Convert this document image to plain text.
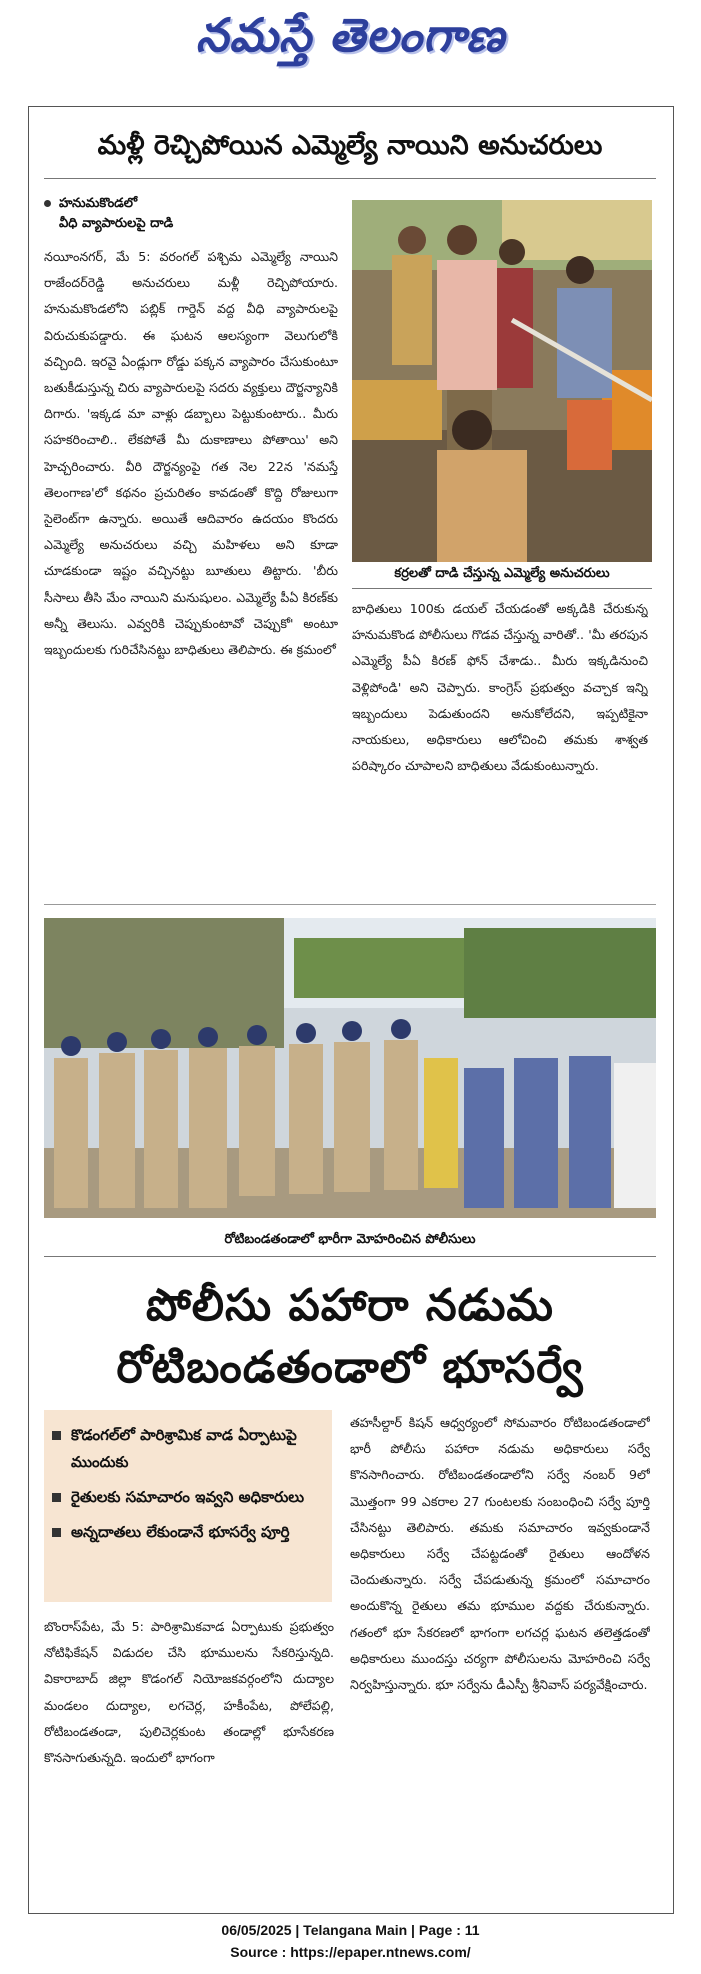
నమస్తే తెలంగాణ
మళ్లీ రెచ్చిపోయిన ఎమ్మెల్యే నాయిని అనుచరులు
హనుమకొండలో
వీధి వ్యాపారులపై దాడి
నయీంనగర్, మే 5: వరంగల్ పశ్చిమ ఎమ్మెల్యే నాయిని రాజేందర్‌రెడ్డి అనుచరులు మళ్లీ రెచ్చిపోయారు. హనుమకొండలోని పబ్లిక్ గార్డెన్ వద్ద వీధి వ్యాపారులపై విరుచుకుపడ్డారు. ఈ ఘటన ఆలస్యంగా వెలుగులోకి వచ్చింది. ఇరవై ఏండ్లుగా రోడ్డు పక్కన వ్యాపారం చేసుకుంటూ బతుకీడుస్తున్న చిరు వ్యాపారులపై సదరు వ్యక్తులు దౌర్జన్యానికి దిగారు. 'ఇక్కడ మా వాళ్లు డబ్బాలు పెట్టుకుంటారు.. మీరు సహకరించాలి.. లేకపోతే మీ దుకాణాలు పోతాయి' అని హెచ్చరించారు. వీరి దౌర్జన్యంపై గత నెల 22న 'నమస్తే తెలంగాణ'లో కథనం ప్రచురితం కావడంతో కొద్ది రోజులుగా సైలెంట్‌గా ఉన్నారు. అయితే ఆదివారం ఉదయం కొందరు ఎమ్మెల్యే అనుచరులు వచ్చి మహిళలు అని కూడా చూడకుండా ఇష్టం వచ్చినట్టు బూతులు తిట్టారు. 'బీరు సీసాలు తీసి మేం నాయిని మనుషులం. ఎమ్మెల్యే పీఏ కిరణ్‌కు అన్నీ తెలుసు. ఎవ్వరికి చెప్పుకుంటావో చెప్పుకో' అంటూ ఇబ్బందులకు గురిచేసినట్టు బాధితులు తెలిపారు. ఈ క్రమంలో
కర్రలతో దాడి చేస్తున్న ఎమ్మెల్యే అనుచరులు
బాధితులు 100కు డయల్ చేయడంతో అక్కడికి చేరుకున్న హనుమకొండ పోలీసులు గొడవ చేస్తున్న వారితో.. 'మీ తరపున ఎమ్మెల్యే పీఏ కిరణ్ ఫోన్ చేశాడు.. మీరు ఇక్కడినుంచి వెళ్లిపోండి' అని చెప్పారు. కాంగ్రెస్ ప్రభుత్వం వచ్చాక ఇన్ని ఇబ్బందులు పెడుతుందని అనుకోలేదని, ఇప్పటికైనా నాయకులు, అధికారులు ఆలోచించి తమకు శాశ్వత పరిష్కారం చూపాలని బాధితులు వేడుకుంటున్నారు.
రోటిబండతండాలో భారీగా మోహరించిన పోలీసులు
పోలీసు పహారా నడుమ
రోటిబండతండాలో భూసర్వే
కొడంగల్‌లో పారిశ్రామిక వాడ ఏర్పాటుపై ముందుకు
రైతులకు సమాచారం ఇవ్వని అధికారులు
అన్నదాతలు లేకుండానే భూసర్వే పూర్తి
బొంరాస్‌పేట, మే 5: పారిశ్రామికవాడ ఏర్పాటుకు ప్రభుత్వం నోటిఫికేషన్ విడుదల చేసి భూములను సేకరిస్తున్నది. వికారాబాద్ జిల్లా కొడంగల్ నియోజకవర్గంలోని దుద్యాల మండలం దుద్యాల, లగచెర్ల, హకీంపేట, పోలేపల్లి, రోటిబండతండా, పులిచెర్లకుంట తండాల్లో భూసేకరణ కొనసాగుతున్నది. ఇందులో భాగంగా
తహసీల్దార్ కిషన్ ఆధ్వర్యంలో సోమవారం రోటిబండతండాలో భారీ పోలీసు పహారా నడుమ అధికారులు సర్వే కొనసాగించారు. రోటిబండతండాలోని సర్వే నంబర్ 9లో మొత్తంగా 99 ఎకరాల 27 గుంటలకు సంబంధించి సర్వే పూర్తి చేసినట్టు తెలిపారు. తమకు సమాచారం ఇవ్వకుండానే అధికారులు సర్వే చేపట్టడంతో రైతులు ఆందోళన చెందుతున్నారు. సర్వే చేపడుతున్న క్రమంలో సమాచారం అందుకొన్న రైతులు తమ భూముల వద్దకు చేరుకున్నారు. గతంలో భూ సేకరణలో భాగంగా లగచర్ల ఘటన తలెత్తడంతో అధికారులు ముందస్తు చర్యగా పోలీసులను మోహరించి సర్వే నిర్వహిస్తున్నారు. భూ సర్వేను డీఎస్పీ శ్రీనివాస్ పర్యవేక్షించారు.
06/05/2025 | Telangana Main | Page : 11
Source : https://epaper.ntnews.com/
